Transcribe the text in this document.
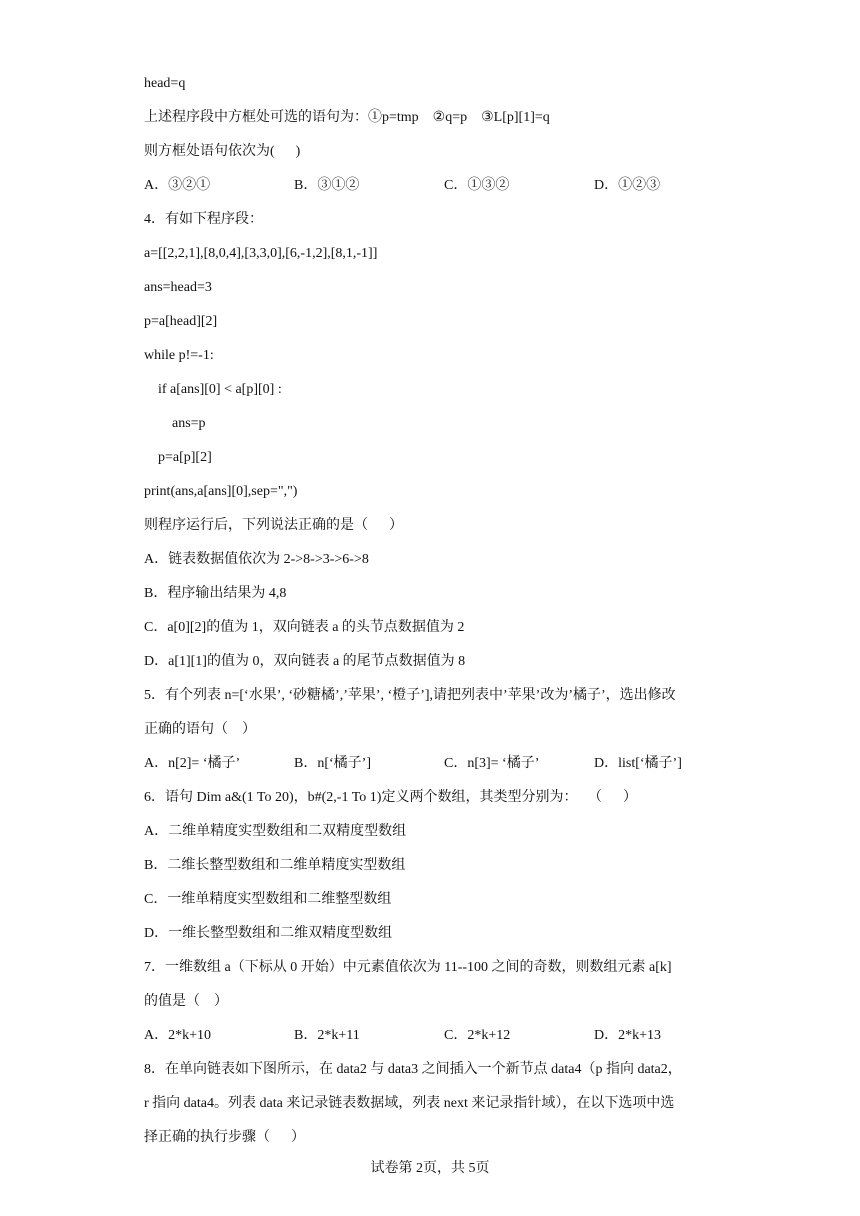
head=q
上述程序段中方框处可选的语句为：①p=tmp    ②q=p    ③L[p][1]=q
则方框处语句依次为(      )
A．③②①	B．③①②	C．①③②	D．①②③
4．有如下程序段：
a=[[2,2,1],[8,0,4],[3,3,0],[6,-1,2],[8,1,-1]]
ans=head=3
p=a[head][2]
while p!=-1:
if a[ans][0] < a[p][0] :
ans=p
p=a[p][2]
print(ans,a[ans][0],sep=",")
则程序运行后，下列说法正确的是（      ）
A．链表数据值依次为 2->8->3->6->8
B．程序输出结果为 4,8
C．a[0][2]的值为 1，双向链表 a 的头节点数据值为 2
D．a[1][1]的值为 0，双向链表 a 的尾节点数据值为 8
5．有个列表 n=[‘水果’, ‘砂糖橘’,’苹果’, ‘橙子’],请把列表中’苹果’改为’橘子’，选出修改
正确的语句（    ）
A．n[2]= ‘橘子’	B．n[‘橘子’]	C．n[3]= ‘橘子’	D．list[‘橘子’]
6．语句 Dim a&(1 To 20)，b#(2,-1 To 1)定义两个数组，其类型分别为：   （      ）
A．二维单精度实型数组和二双精度型数组
B．二维长整型数组和二维单精度实型数组
C．一维单精度实型数组和二维整型数组
D．一维长整型数组和二维双精度型数组
7．一维数组 a（下标从 0 开始）中元素值依次为 11--100 之间的奇数，则数组元素 a[k]
的值是（    ）
A．2*k+10	B．2*k+11	C．2*k+12	D．2*k+13
8．在单向链表如下图所示，在 data2 与 data3 之间插入一个新节点 data4（p 指向 data2，
r 指向 data4。列表 data 来记录链表数据域，列表 next 来记录指针域），在以下选项中选
择正确的执行步骤（      ）
试卷第 2页，共 5页
